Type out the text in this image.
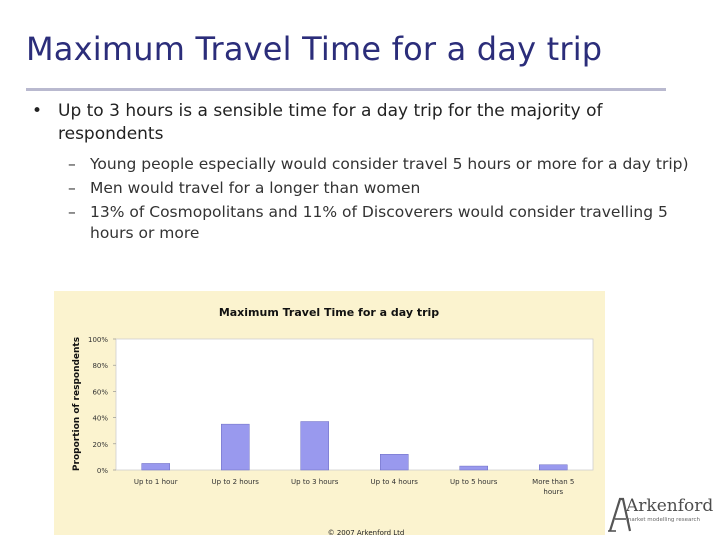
Maximum Travel Time for a day trip
• Up to 3 hours is a sensible time for a day trip for the majority of respondents
– Young people especially would consider travel 5 hours or more for a day trip)
– Men would travel for a longer than women
– 13% of Cosmopolitans and 11% of Discoverers would consider travelling 5 hours or more
Maximum Travel Time for a day trip
Proportion of respondents
© 2007 Arkenford Ltd
0%
20%
40%
60%
80%
100%
Up to 1 hour	Up to 2 hours	Up to 3 hours	Up to 4 hours	Up to 5 hours	More than 5 hours
Arkenford
market modelling research
